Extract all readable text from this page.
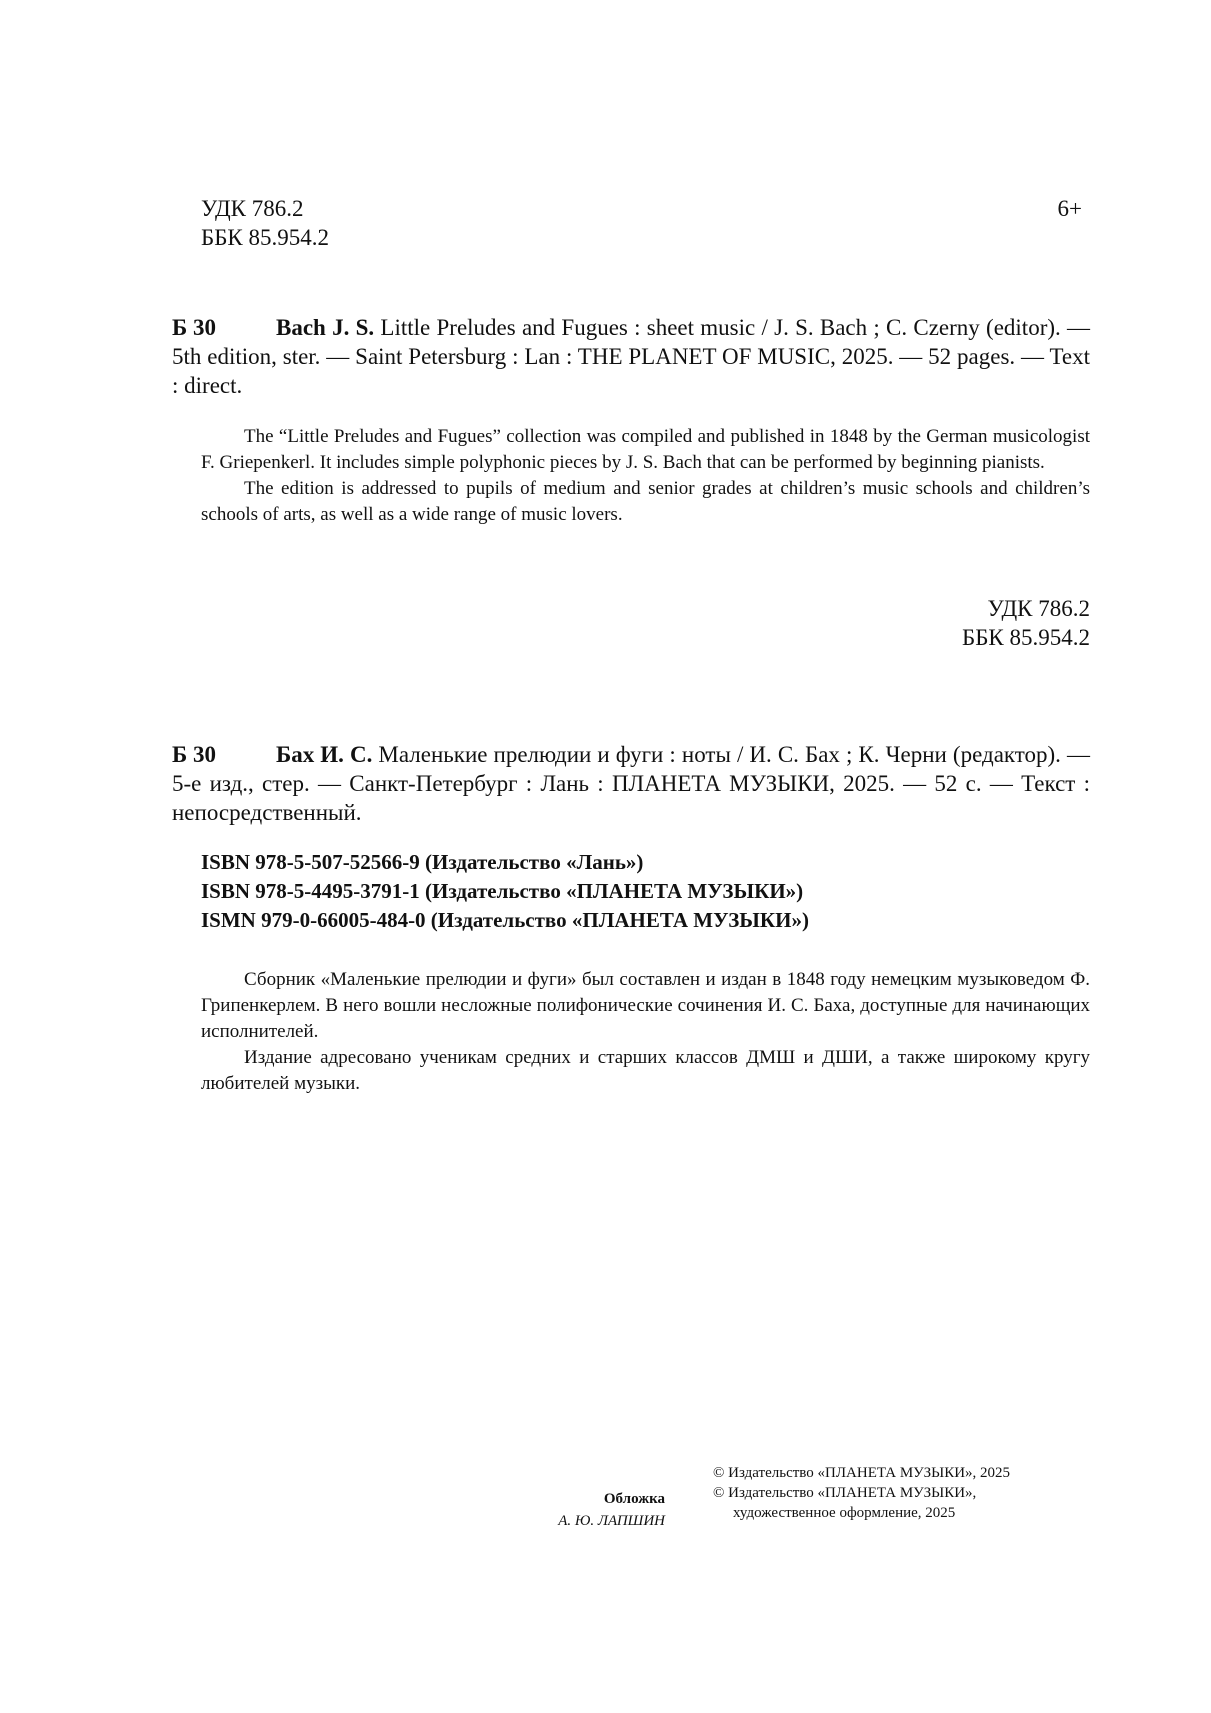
УДК 786.2
ББК 85.954.2
6+
Б 30	Bach J. S. Little Preludes and Fugues : sheet music / J. S. Bach ; C. Czerny (editor). — 5th edition, ster. — Saint Petersburg : Lan : THE PLANET OF MUSIC, 2025. — 52 pages. — Text : direct.

The “Little Preludes and Fugues” collection was compiled and published in 1848 by the German musicologist F. Griepenkerl. It includes simple polyphonic pieces by J. S. Bach that can be performed by beginning pianists.

The edition is addressed to pupils of medium and senior grades at children’s music schools and children’s schools of arts, as well as a wide range of music lovers.

УДК 786.2
ББК 85.954.2
Б 30	Бах И. С. Маленькие прелюдии и фуги : ноты / И. С. Бах ; К. Черни (редактор). — 5-е изд., стер. — Санкт-Петербург : Лань : ПЛАНЕТА МУЗЫКИ, 2025. — 52 с. — Текст : непосредственный.
ISBN 978-5-507-52566-9 (Издательство «Лань»)
ISBN 978-5-4495-3791-1 (Издательство «ПЛАНЕТА МУЗЫКИ»)
ISMN 979-0-66005-484-0 (Издательство «ПЛАНЕТА МУЗЫКИ»)

Сборник «Маленькие прелюдии и фуги» был составлен и издан в 1848 году немецким музыковедом Ф. Грипенкерлем. В него вошли несложные полифонические сочинения И. С. Баха, доступные для начинающих исполнителей.

Издание адресовано ученикам средних и старших классов ДМШ и ДШИ, а также широкому кругу любителей музыки.

Обложка
А. Ю. ЛАПШИН
© Издательство «ПЛАНЕТА МУЗЫКИ», 2025
© Издательство «ПЛАНЕТА МУЗЫКИ»,
художественное оформление, 2025
